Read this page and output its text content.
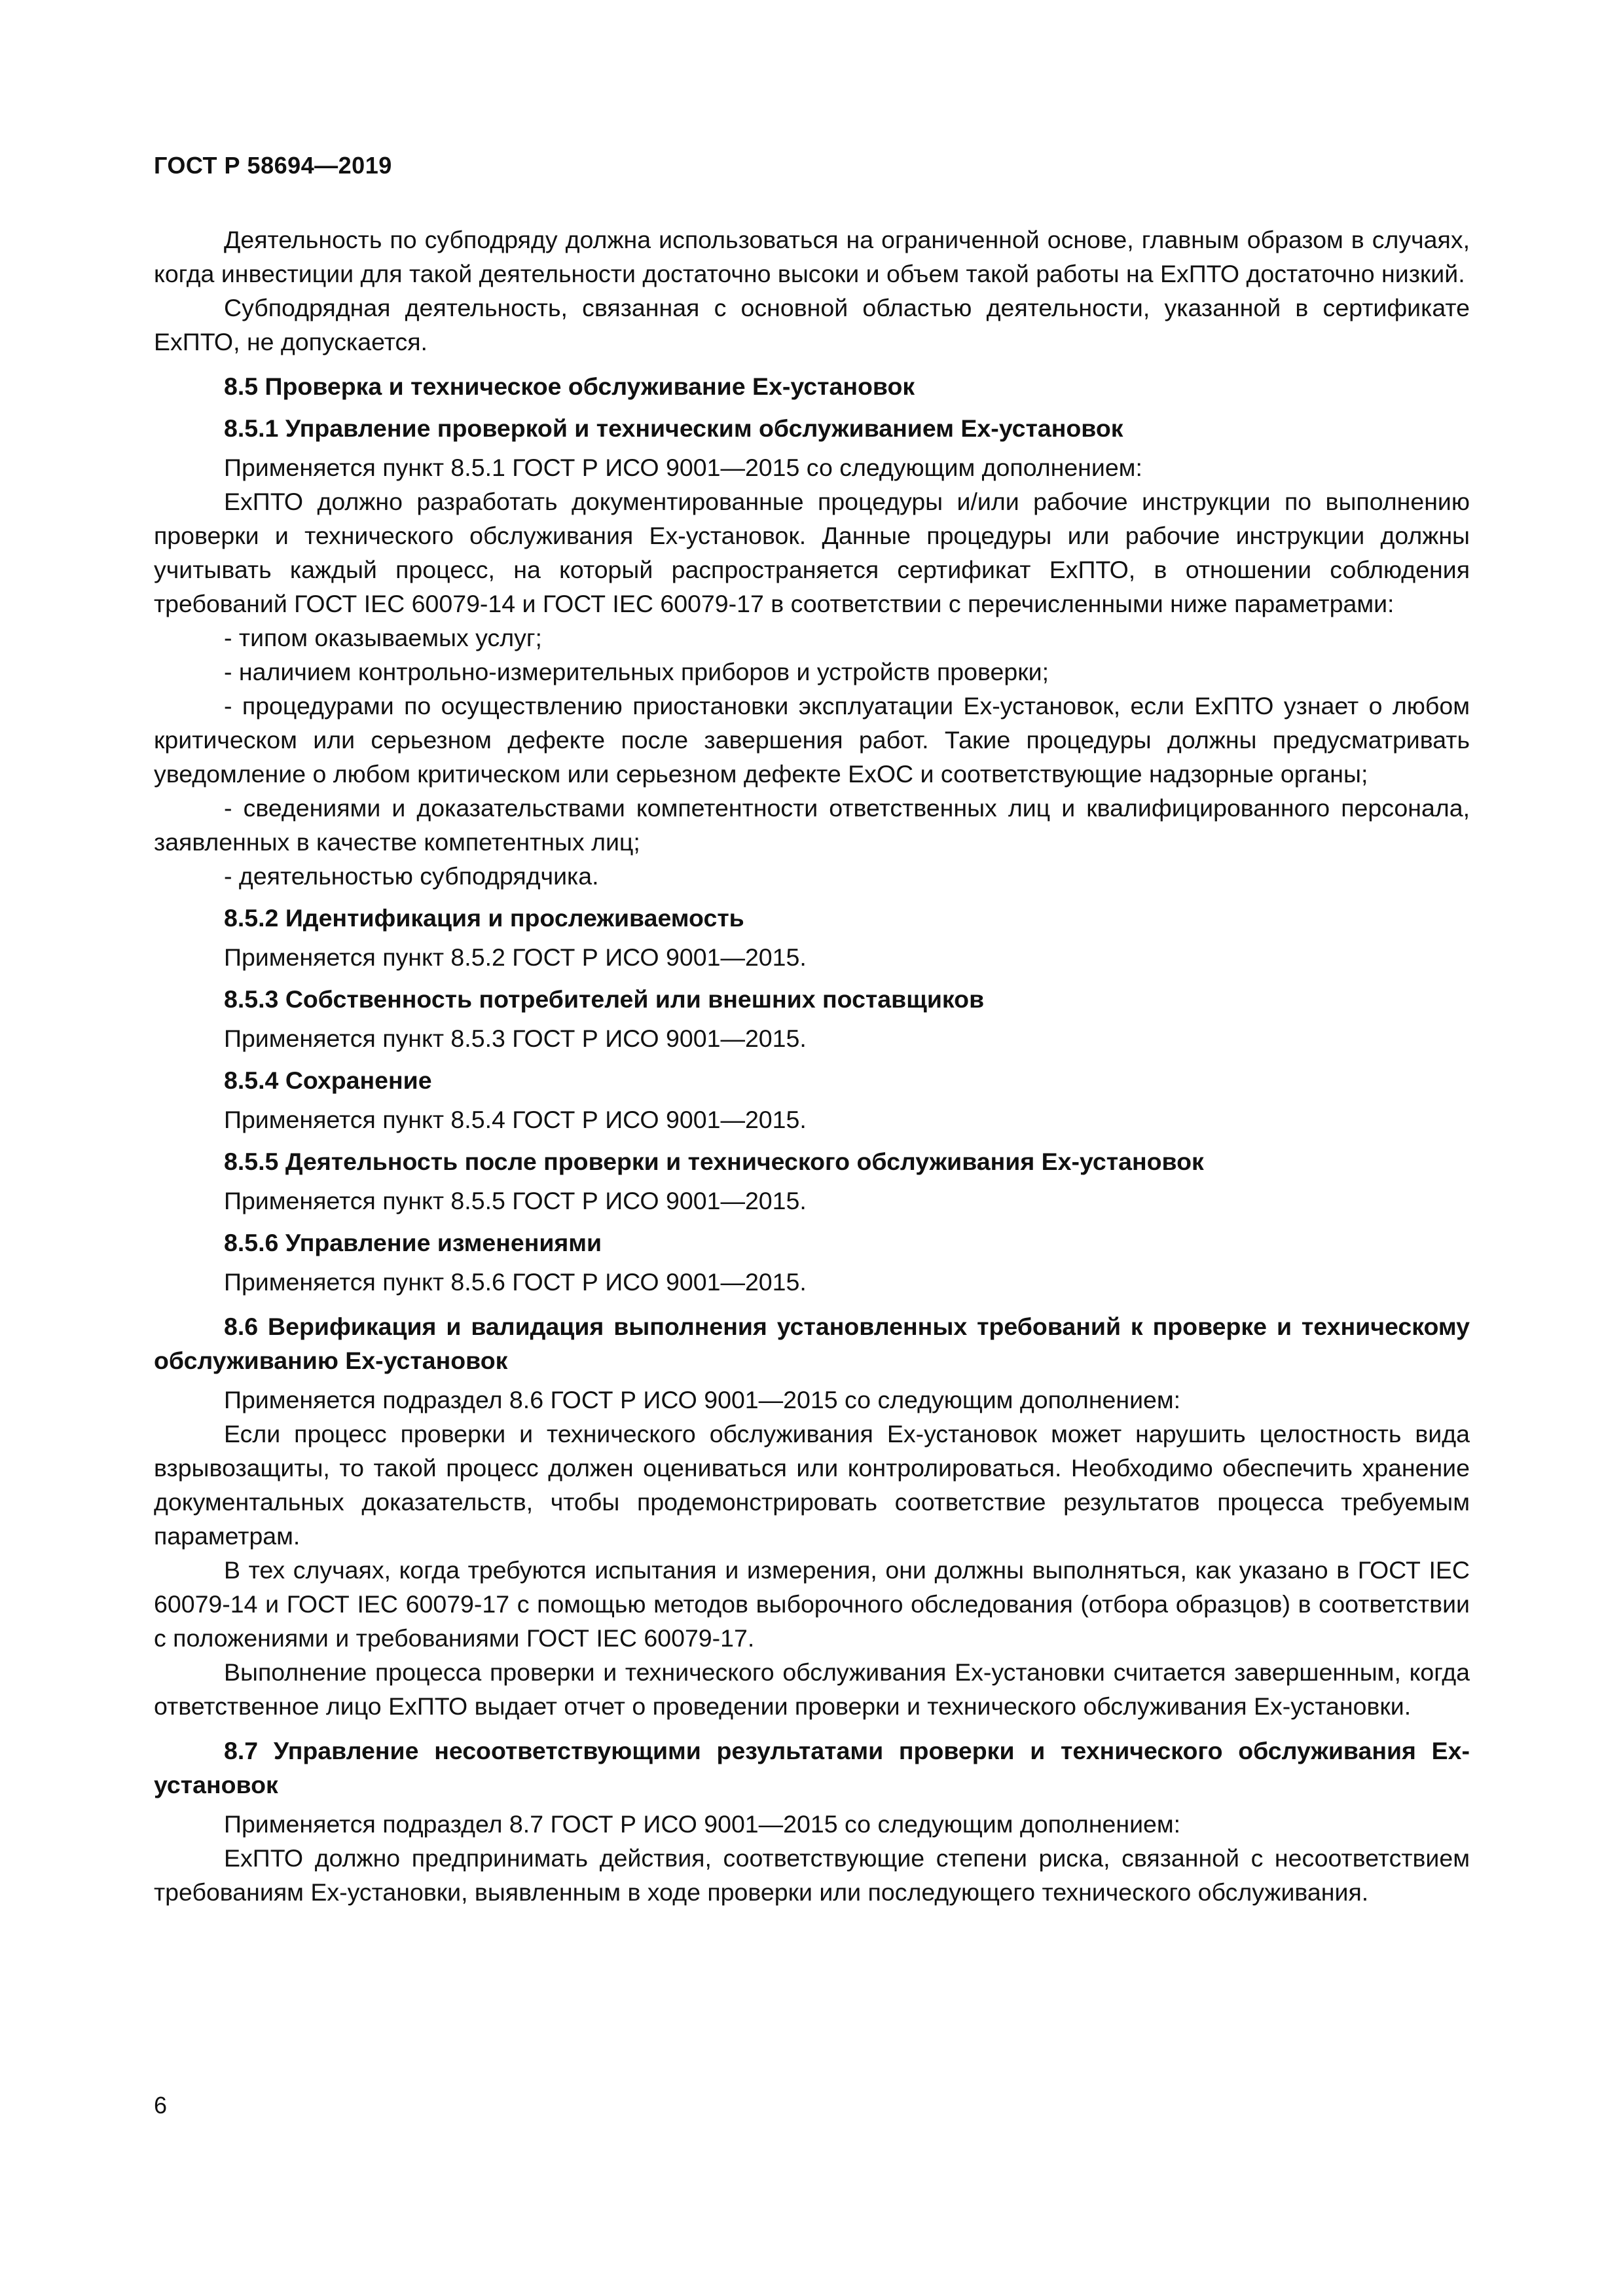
ГОСТ Р 58694—2019

Деятельность по субподряду должна использоваться на ограниченной основе, главным образом в случаях, когда инвестиции для такой деятельности достаточно высоки и объем такой работы на ExПТО достаточно низкий.

Субподрядная деятельность, связанная с основной областью деятельности, указанной в сертификате ExПТО, не допускается.

8.5 Проверка и техническое обслуживание Ex-установок

8.5.1 Управление проверкой и техническим обслуживанием Ex-установок

Применяется пункт 8.5.1 ГОСТ Р ИСО 9001—2015 со следующим дополнением:

ExПТО должно разработать документированные процедуры и/или рабочие инструкции по выполнению проверки и технического обслуживания Ex-установок. Данные процедуры или рабочие инструкции должны учитывать каждый процесс, на который распространяется сертификат ExПТО, в отношении соблюдения требований ГОСТ IEC 60079-14 и ГОСТ IEC 60079-17 в соответствии с перечисленными ниже параметрами:

- типом оказываемых услуг;

- наличием контрольно-измерительных приборов и устройств проверки;

- процедурами по осуществлению приостановки эксплуатации Ex-установок, если ExПТО узнает о любом критическом или серьезном дефекте после завершения работ. Такие процедуры должны предусматривать уведомление о любом критическом или серьезном дефекте ExОС и соответствующие надзорные органы;

- сведениями и доказательствами компетентности ответственных лиц и квалифицированного персонала, заявленных в качестве компетентных лиц;

- деятельностью субподрядчика.

8.5.2 Идентификация и прослеживаемость

Применяется пункт 8.5.2 ГОСТ Р ИСО 9001—2015.

8.5.3 Собственность потребителей или внешних поставщиков

Применяется пункт 8.5.3 ГОСТ Р ИСО 9001—2015.

8.5.4 Сохранение

Применяется пункт 8.5.4 ГОСТ Р ИСО 9001—2015.

8.5.5 Деятельность после проверки и технического обслуживания Ex-установок

Применяется пункт 8.5.5 ГОСТ Р ИСО 9001—2015.

8.5.6 Управление изменениями

Применяется пункт 8.5.6 ГОСТ Р ИСО 9001—2015.

8.6 Верификация и валидация выполнения установленных требований к проверке и техническому обслуживанию Ex-установок

Применяется подраздел 8.6 ГОСТ Р ИСО 9001—2015 со следующим дополнением:

Если процесс проверки и технического обслуживания Ex-установок может нарушить целостность вида взрывозащиты, то такой процесс должен оцениваться или контролироваться. Необходимо обеспечить хранение документальных доказательств, чтобы продемонстрировать соответствие результатов процесса требуемым параметрам.

В тех случаях, когда требуются испытания и измерения, они должны выполняться, как указано в ГОСТ IEC 60079-14 и ГОСТ IEC 60079-17 с помощью методов выборочного обследования (отбора образцов) в соответствии с положениями и требованиями ГОСТ IEC 60079-17.

Выполнение процесса проверки и технического обслуживания Ex-установки считается завершенным, когда ответственное лицо ExПТО выдает отчет о проведении проверки и технического обслуживания Ex-установки.

8.7 Управление несоответствующими результатами проверки и технического обслуживания Ex-установок

Применяется подраздел 8.7 ГОСТ Р ИСО 9001—2015 со следующим дополнением:

ExПТО должно предпринимать действия, соответствующие степени риска, связанной с несоответствием требованиям Ex-установки, выявленным в ходе проверки или последующего технического обслуживания.

6
